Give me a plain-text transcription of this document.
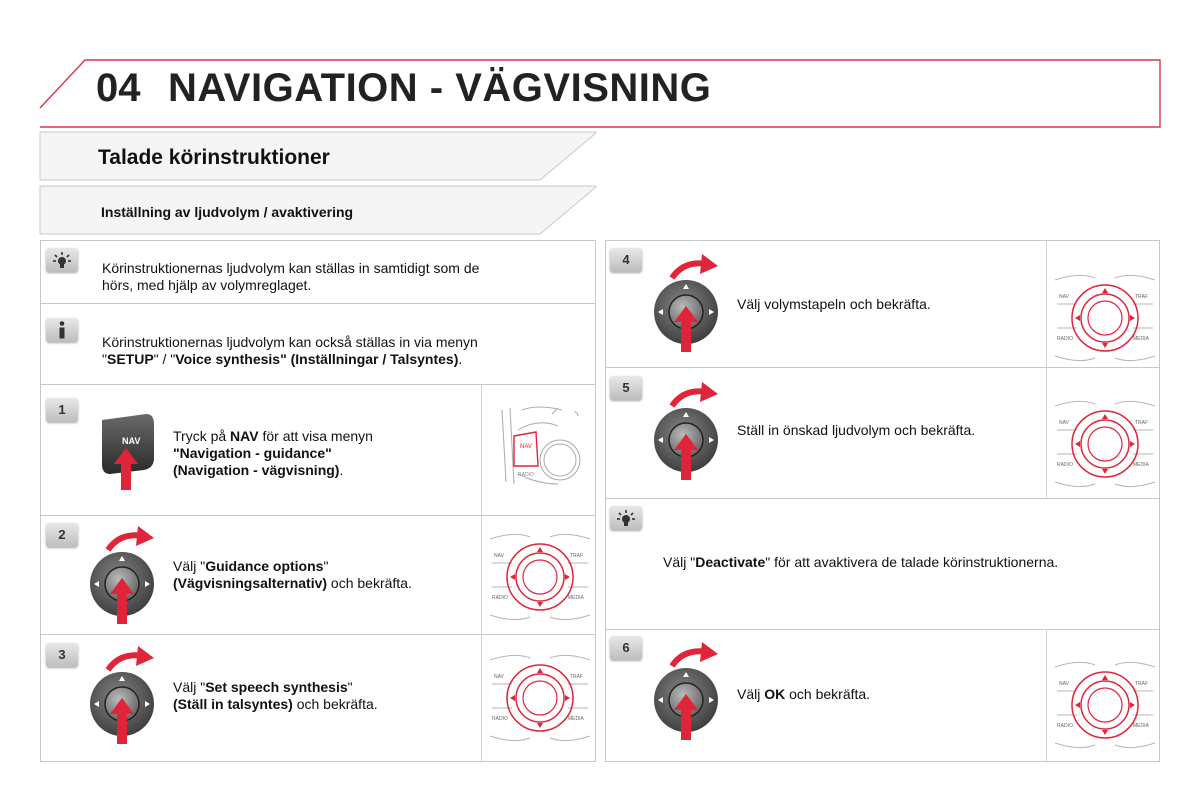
04 NAVIGATION - VÄGVISNING
Talade körinstruktioner
Inställning av ljudvolym / avaktivering
Körinstruktionernas ljudvolym kan ställas in samtidigt som de
hörs, med hjälp av volymreglaget.
Körinstruktionernas ljudvolym kan också ställas in via menyn
"SETUP" / "Voice synthesis" (Inställningar / Talsyntes).
1
NAV Tryck på NAV för att visa menyn
"Navigation - guidance"
(Navigation - vägvisning).
NAV
RADIO
2
Välj "Guidance options"
(Vägvisningsalternativ) och bekräfta.
NAV	TRAF
RADIO	MEDIA
3
Välj "Set speech synthesis"
(Ställ in talsyntes) och bekräfta.
NAV	TRAF
RADIO	MEDIA
4
Välj volymstapeln och bekräfta.	NAV	TRAF
RADIO	MEDIA
5
Ställ in önskad ljudvolym och bekräfta.	NAV	TRAF
RADIO	MEDIA
Välj "Deactivate" för att avaktivera de talade körinstruktionerna.
6
Välj OK och bekräfta.
NAV	TRAF
RADIO	MEDIA
